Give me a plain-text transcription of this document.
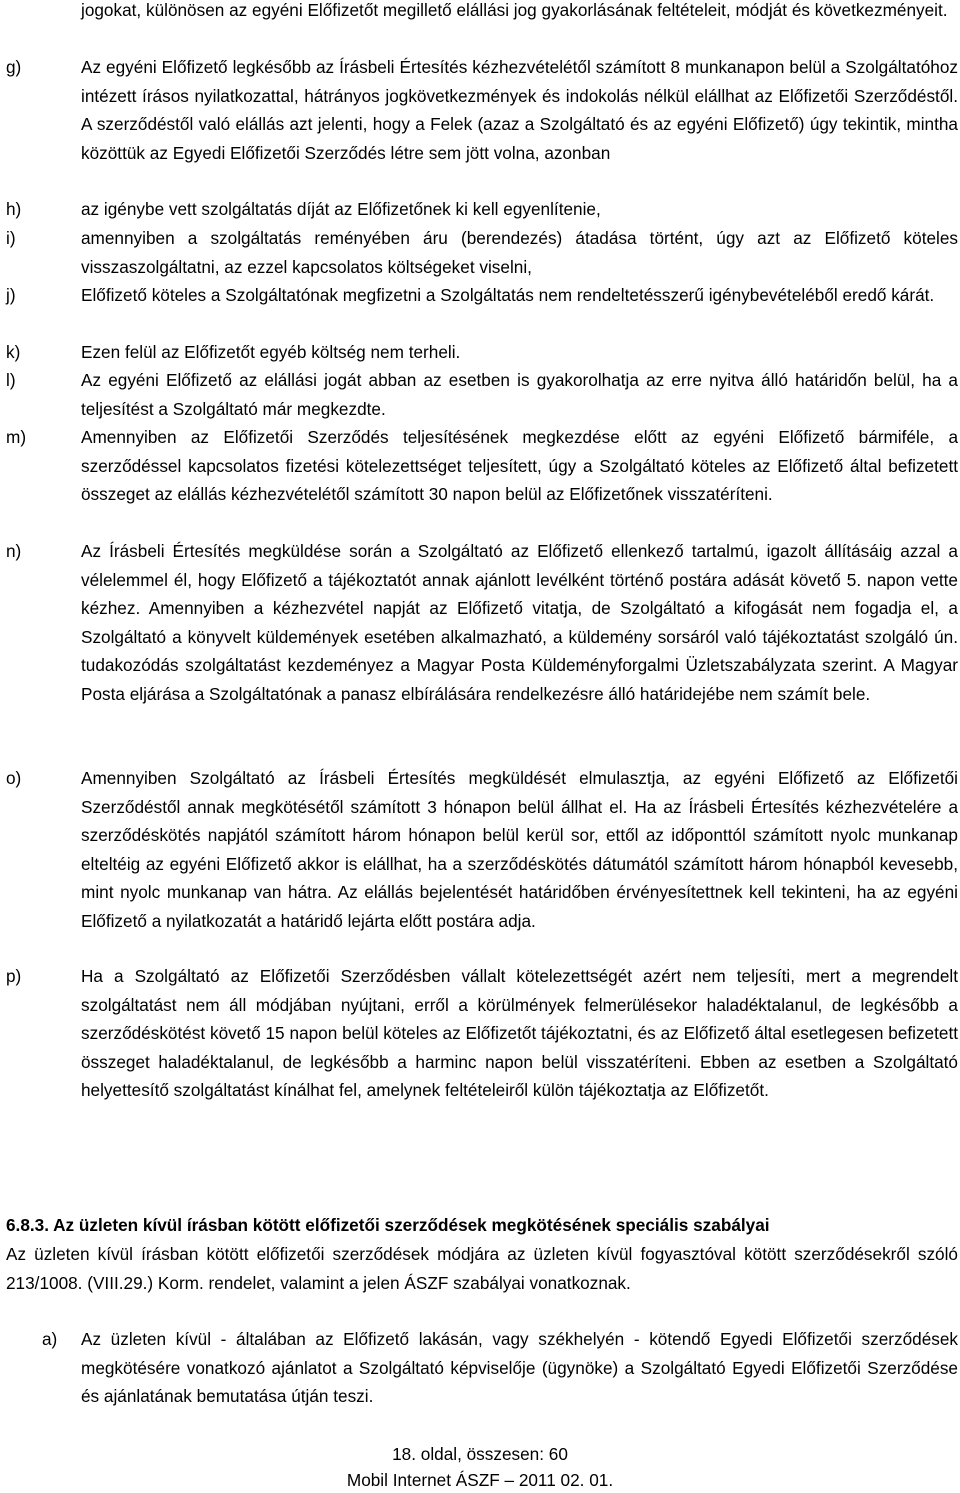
jogokat, különösen az egyéni Előfizetőt megillető elállási jog gyakorlásának feltételeit, módját és következményeit.
g)	Az egyéni Előfizető legkésőbb az Írásbeli Értesítés kézhezvételétől számított 8 munkanapon belül a Szolgáltatóhoz intézett írásos nyilatkozattal, hátrányos jogkövetkezmények és indokolás nélkül elállhat az Előfizetői Szerződéstől. A szerződéstől való elállás azt jelenti, hogy a Felek (azaz a Szolgáltató és az egyéni Előfizető) úgy tekintik, mintha közöttük az Egyedi Előfizetői Szerződés létre sem jött volna, azonban
h)	az igénybe vett szolgáltatás díját az Előfizetőnek ki kell egyenlítenie,
i)	amennyiben a szolgáltatás reményében áru (berendezés) átadása történt, úgy azt az Előfizető köteles visszaszolgáltatni, az ezzel kapcsolatos költségeket viselni,
j)	Előfizető köteles a Szolgáltatónak megfizetni a Szolgáltatás nem rendeltetésszerű igénybevételéből eredő kárát.
k)	Ezen felül az Előfizetőt egyéb költség nem terheli.
l)	Az egyéni Előfizető az elállási jogát abban az esetben is gyakorolhatja az erre nyitva álló határidőn belül, ha a teljesítést a Szolgáltató már megkezdte.
m)	Amennyiben az Előfizetői Szerződés teljesítésének megkezdése előtt az egyéni Előfizető bármiféle, a szerződéssel kapcsolatos fizetési kötelezettséget teljesített, úgy a Szolgáltató köteles az Előfizető által befizetett összeget az elállás kézhezvételétől számított 30 napon belül az Előfizetőnek visszatéríteni.
n)	Az Írásbeli Értesítés megküldése során a Szolgáltató az Előfizető ellenkező tartalmú, igazolt állításáig azzal a vélelemmel él, hogy Előfizető a tájékoztatót annak ajánlott levélként történő postára adását követő 5. napon vette kézhez. Amennyiben a kézhezvétel napját az Előfizető vitatja, de Szolgáltató a kifogását nem fogadja el, a Szolgáltató a könyvelt küldemények esetében alkalmazható, a küldemény sorsáról való tájékoztatást szolgáló ún. tudakozódás szolgáltatást kezdeményez a Magyar Posta Küldeményforgalmi Üzletszabályzata szerint. A Magyar Posta eljárása a Szolgáltatónak a panasz elbírálására rendelkezésre álló határidejébe nem számít bele.
o)	Amennyiben Szolgáltató az Írásbeli Értesítés megküldését elmulasztja, az egyéni Előfizető az Előfizetői Szerződéstől annak megkötésétől számított 3 hónapon belül állhat el. Ha az Írásbeli Értesítés kézhezvételére a szerződéskötés napjától számított három hónapon belül kerül sor, ettől az időponttól számított nyolc munkanap elteltéig az egyéni Előfizető akkor is elállhat, ha a szerződéskötés dátumától számított három hónapból kevesebb, mint nyolc munkanap van hátra. Az elállás bejelentését határidőben érvényesítettnek kell tekinteni, ha az egyéni Előfizető a nyilatkozatát a határidő lejárta előtt postára adja.
p)	Ha a Szolgáltató az Előfizetői Szerződésben vállalt kötelezettségét azért nem teljesíti, mert a megrendelt szolgáltatást nem áll módjában nyújtani, erről a körülmények felmerülésekor haladéktalanul, de legkésőbb a szerződéskötést követő 15 napon belül köteles az Előfizetőt tájékoztatni, és az Előfizető által esetlegesen befizetett összeget haladéktalanul, de legkésőbb a harminc napon belül visszatéríteni. Ebben az esetben a Szolgáltató helyettesítő szolgáltatást kínálhat fel, amelynek feltételeiről külön tájékoztatja az Előfizetőt.
6.8.3. Az üzleten kívül írásban kötött előfizetői szerződések megkötésének speciális szabályai
Az üzleten kívül írásban kötött előfizetői szerződések módjára az üzleten kívül fogyasztóval kötött szerződésekről szóló 213/1008. (VIII.29.) Korm. rendelet, valamint a jelen ÁSZF szabályai vonatkoznak.
a) Az üzleten kívül - általában az Előfizető lakásán, vagy székhelyén - kötendő Egyedi Előfizetői szerződések megkötésére vonatkozó ajánlatot a Szolgáltató képviselője (ügynöke) a Szolgáltató Egyedi Előfizetői Szerződése és ajánlatának bemutatása útján teszi.
18. oldal, összesen: 60
Mobil Internet ÁSZF – 2011 02. 01.
